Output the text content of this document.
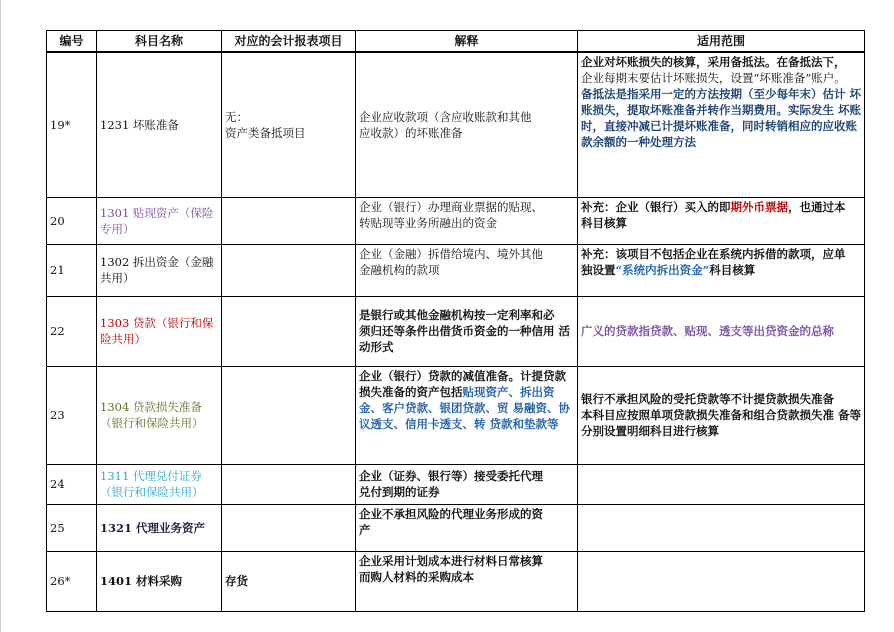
编号	科目名称	对应的会计报表项目	解释	适用范围
19*	1231 坏账准备	无：
资产类备抵项目	企业应收款项（含应收账款和其他
应收款）的坏账准备	企业对坏账损失的核算，采用备抵法。在备抵法下，
企业每期末要估计坏账损失，设置“坏账准备”账户。
备抵法是指采用一定的方法按期（至少每年末）估计 坏账损失，提取坏账准备并转作当期费用。实际发生 坏账时，直接冲减已计提坏账准备，同时转销相应的应收账款余额的一种处理方法

20	1301 贴现资产（保险专用）		企业（银行）办理商业票据的贴现、
转贴现等业务所融出的资金	补充：企业（银行）买入的即期外币票据，也通过本
科目核算

21	1302 拆出资金（金融共用）		企业（金融）拆借给境内、境外其他
金融机构的款项	补充：该项目不包括企业在系统内拆借的款项，应单
独设置“系统内拆出资金”科目核算
22	1303 贷款（银行和保险共用）		是银行或其他金融机构按一定利率和必
须归还等条件出借货币资金的一种信用 活动形式	广义的贷款指贷款、贴现、透支等出贷资金的总称
23	1304 贷款损失准备（银行和保险共用）		企业（银行）贷款的减值准备。计提贷款损失准备的资产包括贴现资产、拆出资金、客户贷款、银团贷款、贸 易融资、协议透支、信用卡透支、转 贷款和垫款等	银行不承担风险的受托贷款等不计提贷款损失准备
本科目应按照单项贷款损失准备和组合贷款损失准 备等分别设置明细科目进行核算

24	1311 代理兑付证券（银行和保险共用）		企业（证券、银行等）接受委托代理
兑付到期的证券	

25	1321 代理业务资产		企业不承担风险的代理业务形成的资
产	

26*	1401 材料采购	存货	企业采用计划成本进行材料日常核算
而购人材料的采购成本	
